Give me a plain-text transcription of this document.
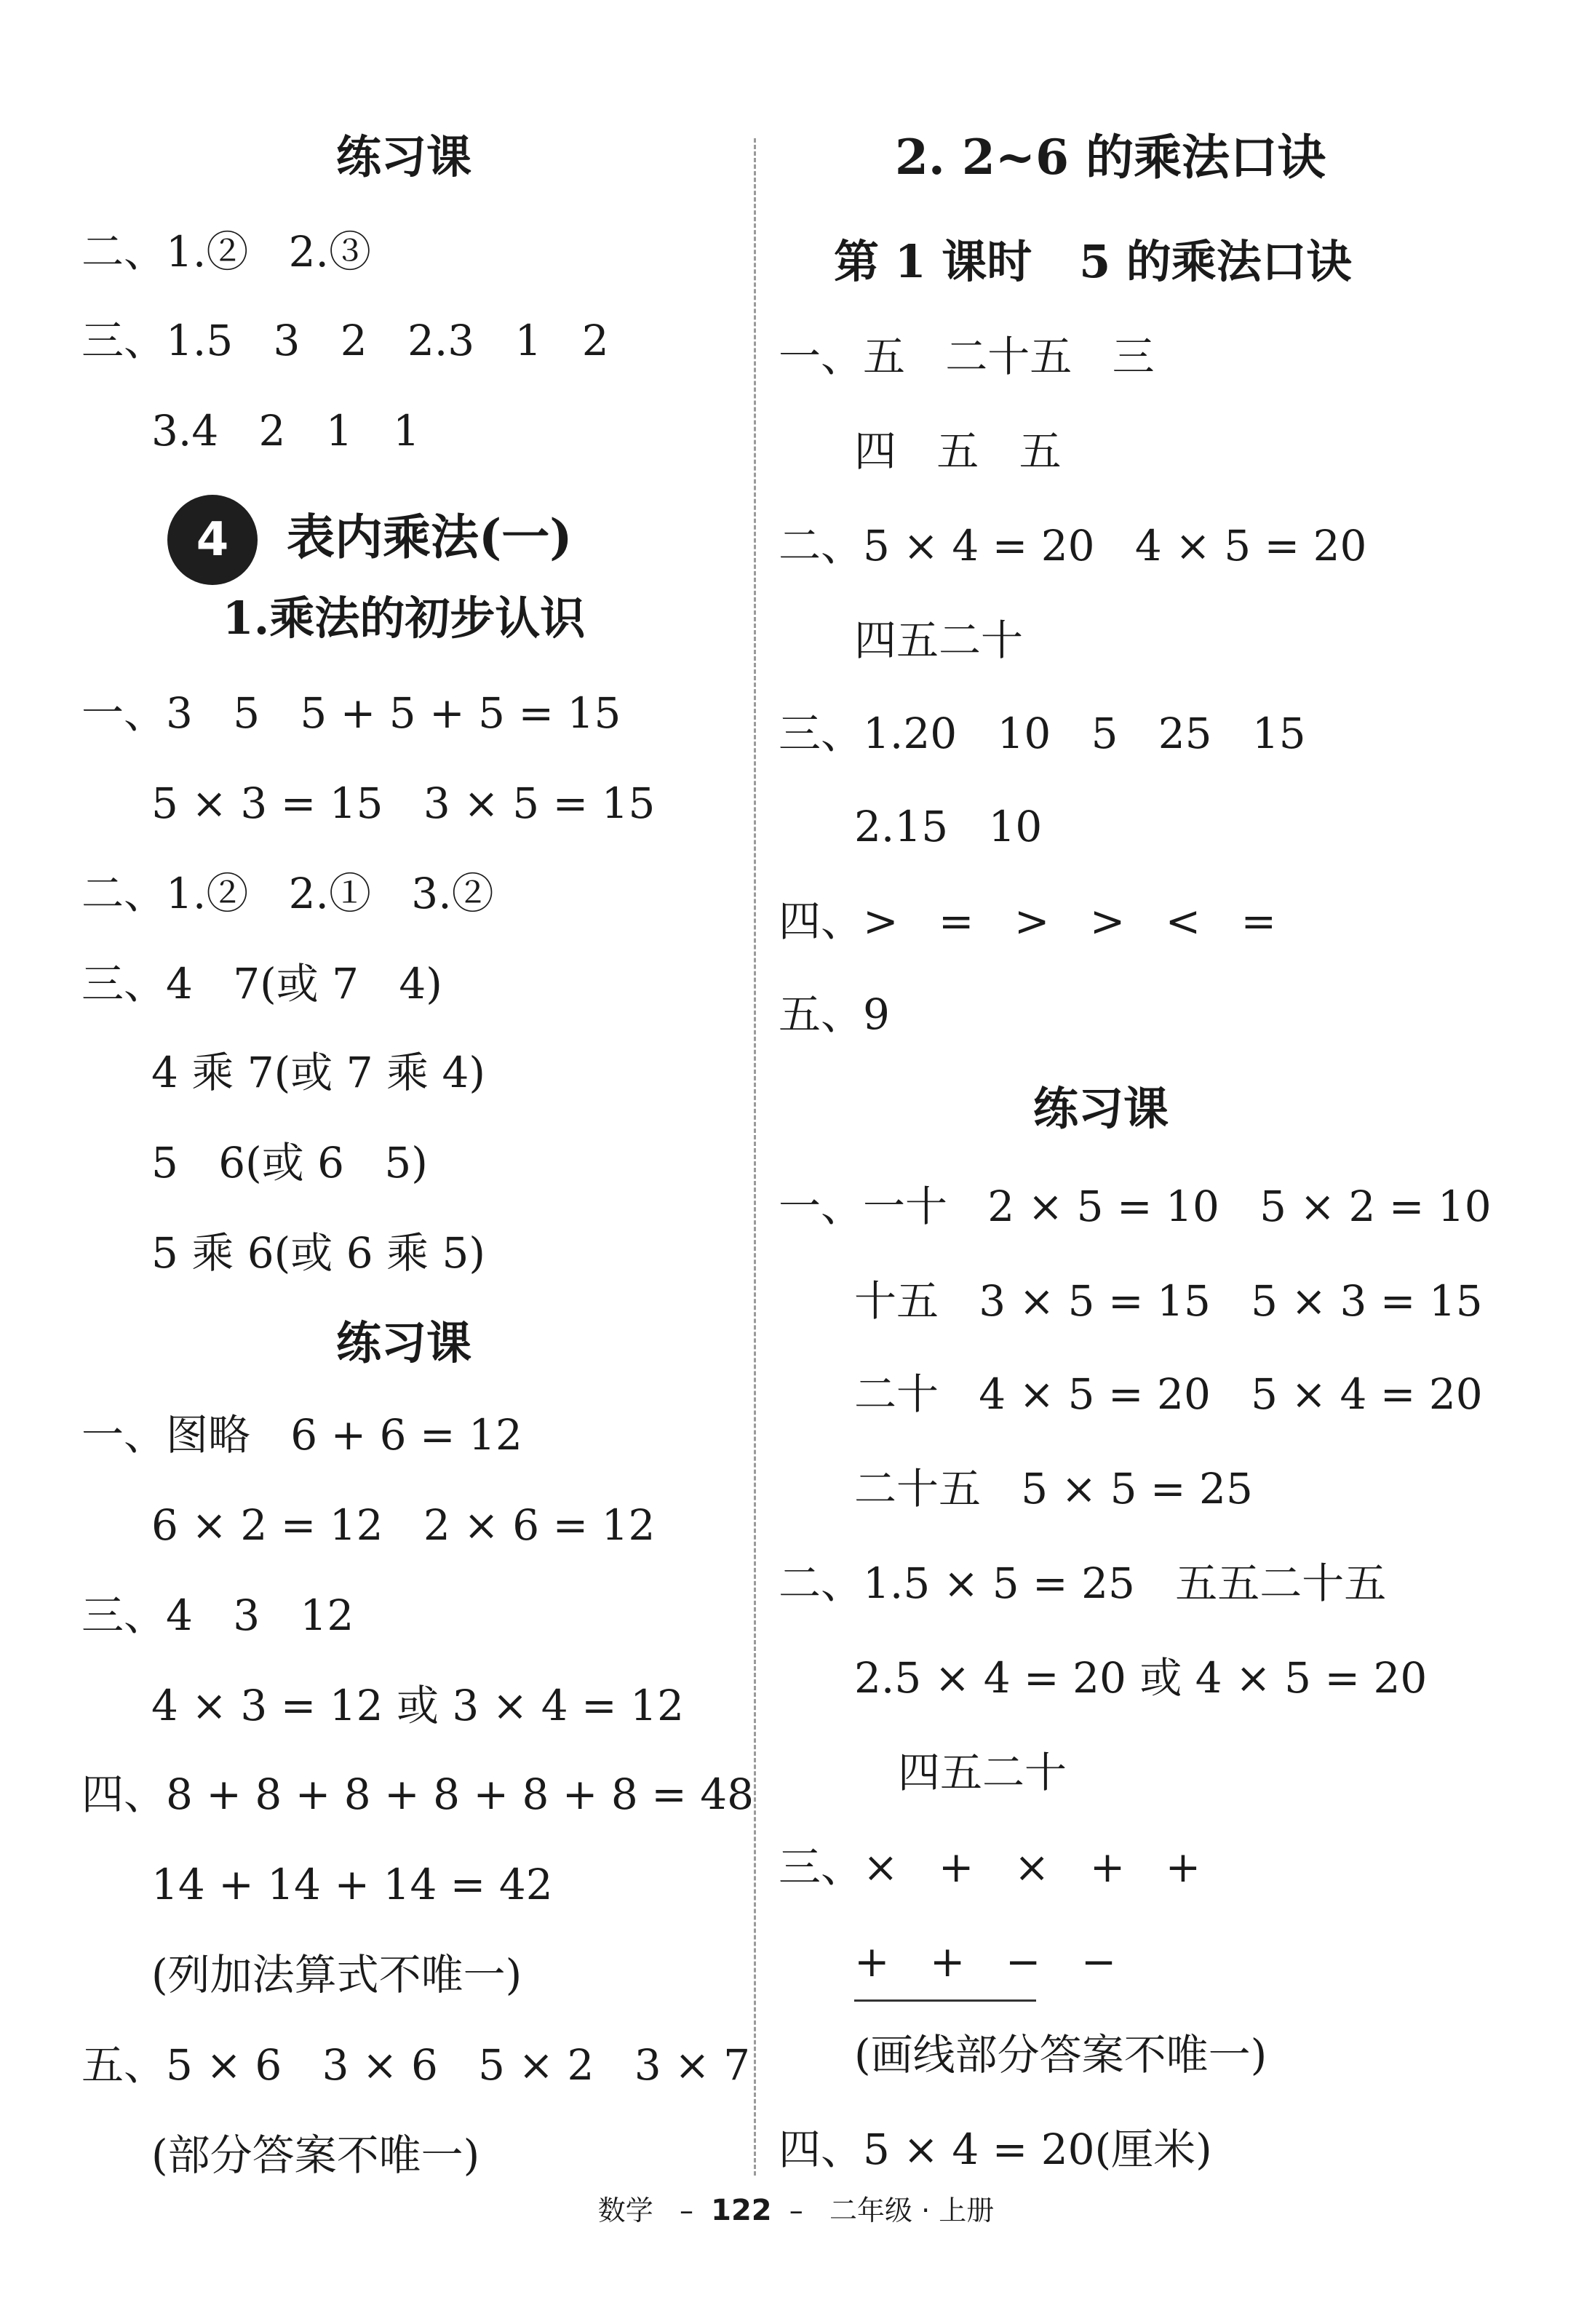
练习课
二、1.②   2.③
三、1.5   3   2   2.3   1   2
3.4   2   1   1
4	表内乘法(一)
1.乘法的初步认识
一、3   5   5 + 5 + 5 = 15
5 × 3 = 15   3 × 5 = 15
二、1.②   2.①   3.②
三、4   7(或 7   4)
4 乘 7(或 7 乘 4)
5   6(或 6   5)
5 乘 6(或 6 乘 5)
练习课
一、图略   6 + 6 = 12
6 × 2 = 12   2 × 6 = 12
三、4   3   12
4 × 3 = 12 或 3 × 4 = 12
四、8 + 8 + 8 + 8 + 8 + 8 = 48
14 + 14 + 14 = 42
(列加法算式不唯一)
五、5 × 6   3 × 6   5 × 2   3 × 7
(部分答案不唯一)
2. 2~6 的乘法口诀
第 1 课时   5 的乘法口诀
一、五   二十五   三
四   五   五
二、5 × 4 = 20   4 × 5 = 20
四五二十
三、1.20   10   5   25   15
2.15   10
四、>   =   >   >   <   =
五、9
练习课
一、一十   2 × 5 = 10   5 × 2 = 10
十五   3 × 5 = 15   5 × 3 = 15
二十   4 × 5 = 20   5 × 4 = 20
二十五   5 × 5 = 25
二、1.5 × 5 = 25   五五二十五
2.5 × 4 = 20 或 4 × 5 = 20
四五二十
三、×   +   ×   +   +
+   +   −   −
(画线部分答案不唯一)
四、5 × 4 = 20(厘米)
数学   –  122  –   二年级 · 上册
